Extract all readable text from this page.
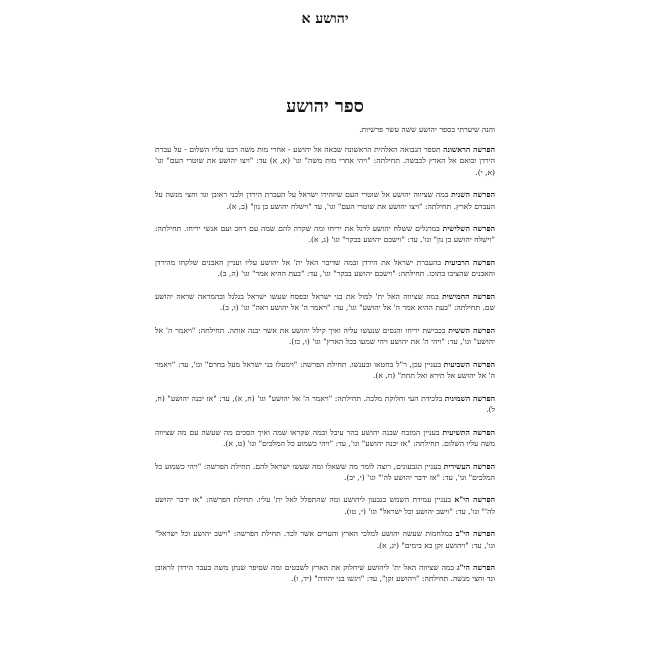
יהושע א
ספר יהושע

והנה שיערתי בספר יהושע ששה עשר פרשיות.

הפרשה הראשונה תספר הנבואה האלהית הראשונה שבאה אל יהושע - אחרי מות משה רבנו עליו השלום - על עברת הירדן ובואם אל הארץ לכבשה. תחילתה: "ויהי אחרי מות משה" וגו' (א, א) עד: "ויצו יהושע את שוטרי העם" וגו' (א, י).

הפרשה השנית במה שציווה יהושע אל שוטרי העם שיזהירו ישראל על העברת הירדן ולבני ראובן וגד וחצי מנשה על העברם לארץ. תחילתה: "ויצו יהושע את שוטרי העם" וגו', עד "וישלח יהושע בן נון" (ב, א).

הפרשה השלישית במרגלים ששלח יהושע לרגל את יריחו ומה שקרה להם שמה עם רחב ועם אנשי יריחו. תחילתה: "וישלח יהושע בן נון" וגו', עד: "וישכם יהושע בבקר" וגו' (ג, א).

הפרשה הרביעית בהעברת ישראל את הירדן ובמה שדיבר האל ית' אל יהושע עליו ועניין האבנים שלקחו מהירדן והאבנים שהציבו בתוכו. תחילתה: "וישכם יהושע בבקר" וגו', עד: "בעת ההיא אמר" וגו' (ה, ב).

הפרשה החמישית במה שציווה האל ית' למול את בני ישראל ובפסח שעשו ישראל בגלגל ובהמראה שראה יהושע שם. תחילתה: "בעת ההיא אמר ה' אל יהושע" וגו', עד: "ויאמר ה' אל יהושע ראה" וגו' (ו, ב).

הפרשה הששית בכבישת יריחו והנסים שנעשו עליה ואיך קילל יהושע את אשר יבנה אותה. תחילתה: "ויאמר ה' אל יהושע" וגו', עד: "ויהי ה' את יהושע ויהי שמעו בכל הארץ" וגו' (ו, כז).

הפרשה השביעית בעניין עכן, ר"ל בחטאו ובענשו. תחילת הפרשה: "וימעלו בני ישראל מעל בחרם" וגו', עד: "ויאמר ה' אל יהושע אל תירא ואל תחת" (ח, א).

הפרשה השמינית בלכידת העי וחלוקת מלכה. תחילתה: "ויאמר ה' אל יהושע" וגו' (ח, א), עד: "אז יבנה יהושע" (ח, ל).

הפרשה התשיעית בעניין המזבח שבנה יהושע בהר עיבל ובמה שקראו שמה ואיך הסכים מה שעשה עם מה שציווה משה עליו השלום. תחילתה: "אז יבנה יהושע" וגו', עד: "ויהי כשמוע כל המלכים" וגו' (ט, א).

הפרשה העשירית בעניין הגבעונים, רוצה לומר מה ששאלו ומה שעשו ישראל להם. תחילת הפרשה: "ויהי כשמוע כל המלכים" וגו', עד: "אז ידבר יהושע לה'" וגו' (י, יב).

הפרשה הי"א בעניין עמידת השמש בגבעון ליהושע ומה שהתפלל לאל ית' עליו. תחילת הפרשה: "אז ידבר יהושע לה'" וגו', עד: "וישב יהושע וכל ישראל" וגו' (י, טו).

הפרשה הי"ב במלחמות שעשה יהושע למלכי הארץ והערים אשר לכד. תחילת הפרשה: "וישב יהושע וכל ישראל" וגו', עד: "ויהושע זקן בא בימים" (יג, א).

הפרשה הי"ג במה שציווה האל ית' ליהושע שיחלוק את הארץ לשבטים ומה שסיפר שנתן משה בעבר הירדן לראובן וגד וחצי מנשה. תחילתה: "ויהושע זקן", עד: "ויגשו בני יהודה" (יד, ו).
